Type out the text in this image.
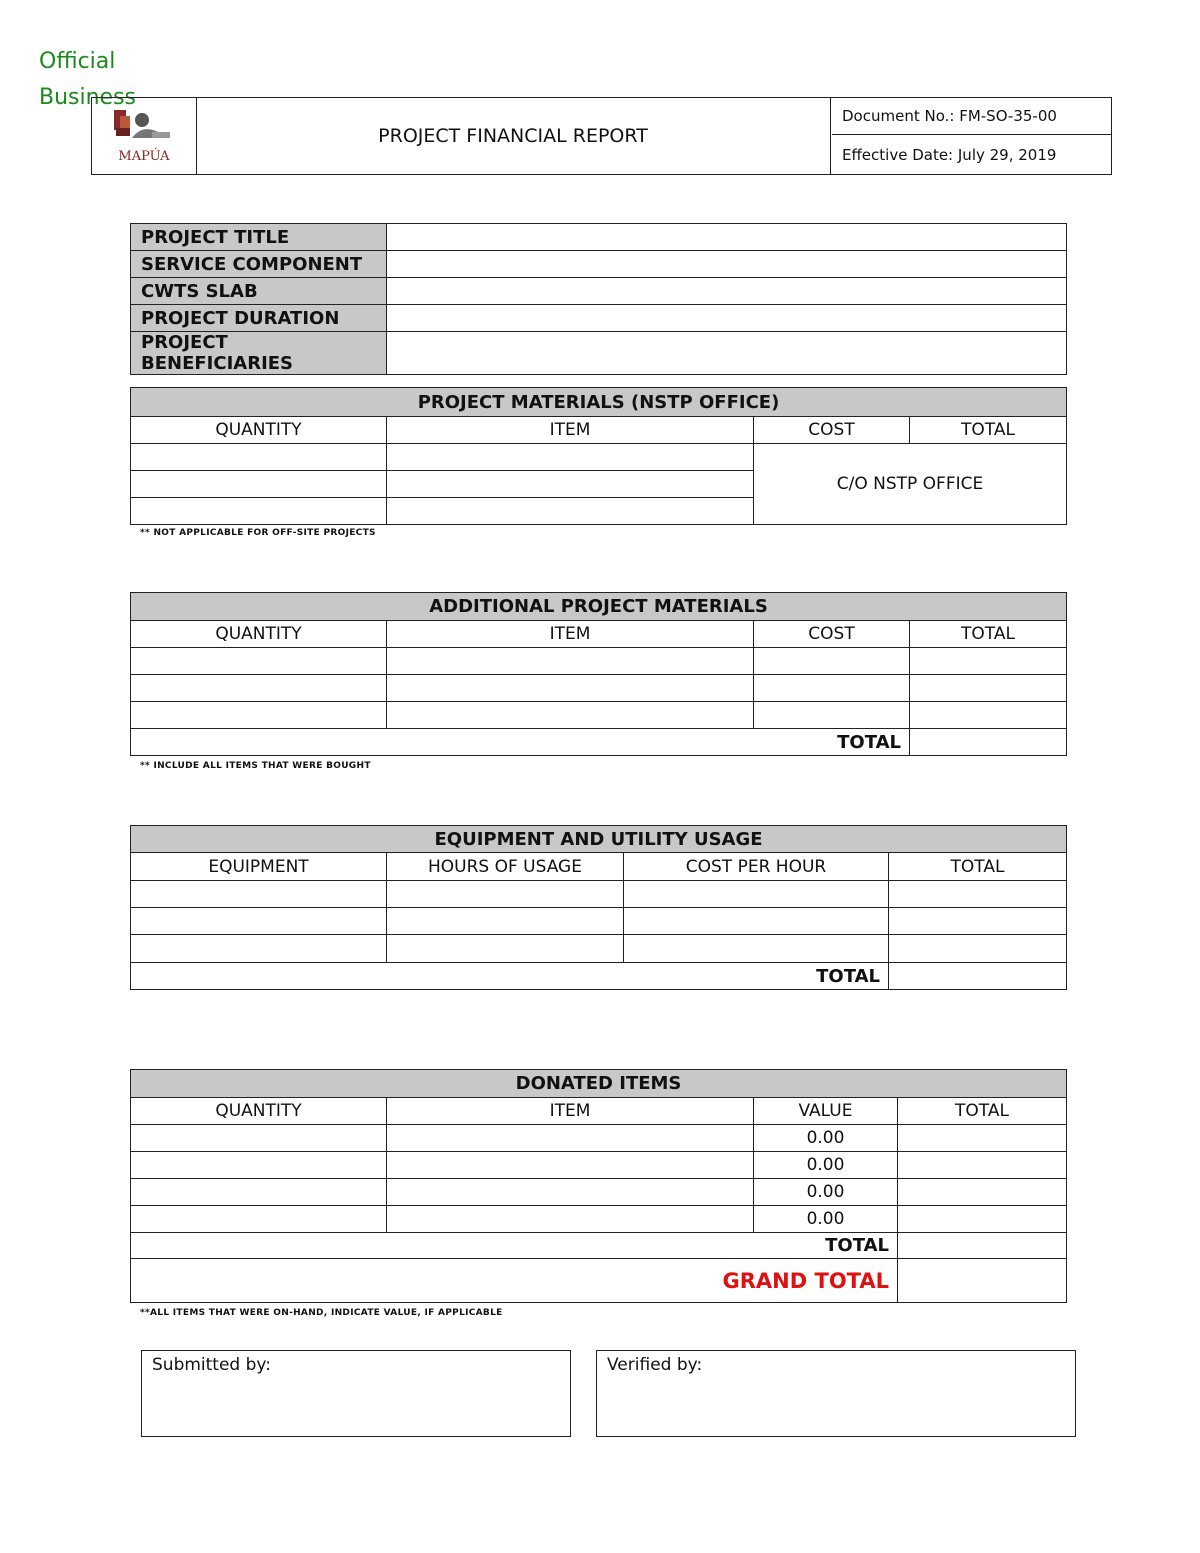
Official Business
MAPÚA
PROJECT FINANCIAL REPORT
Document No.: FM-SO-35-00
Effective Date: July 29, 2019
PROJECT TITLE	
SERVICE COMPONENT	
CWTS SLAB	
PROJECT DURATION	
PROJECT BENEFICIARIES	
PROJECT MATERIALS (NSTP OFFICE)			
QUANTITY	ITEM	COST	TOTAL
		C/O NSTP OFFICE	

** NOT APPLICABLE FOR OFF-SITE PROJECTS
ADDITIONAL PROJECT MATERIALS			
QUANTITY	ITEM	COST	TOTAL

TOTAL			
** INCLUDE ALL ITEMS THAT WERE BOUGHT
EQUIPMENT AND UTILITY USAGE			
EQUIPMENT	HOURS OF USAGE	COST PER HOUR	TOTAL

TOTAL			
DONATED ITEMS			
QUANTITY	ITEM	VALUE	TOTAL
		0.00	
		0.00	
		0.00	
		0.00	
TOTAL			
GRAND TOTAL			
**ALL ITEMS THAT WERE ON-HAND, INDICATE VALUE, IF APPLICABLE
Submitted by:	Verified by:
